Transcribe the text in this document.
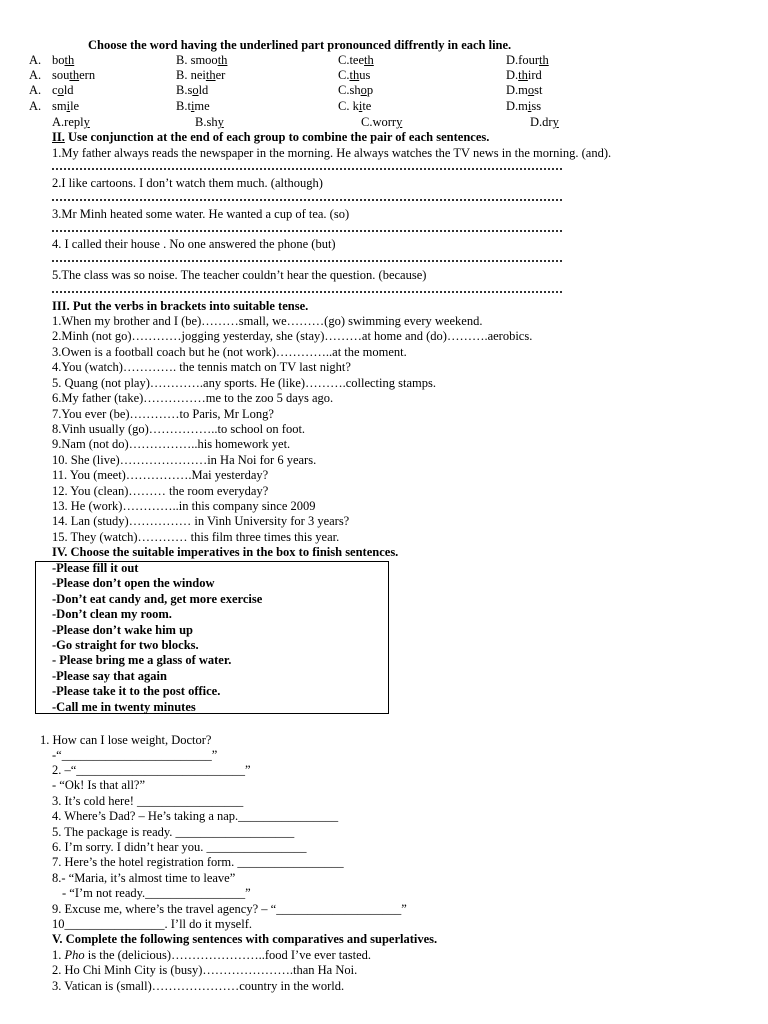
Choose the word having the underlined part pronounced diffrently in each line.
A. both	B. smooth	C.teeth	D.fourth
A. southern	B. neither	C.thus	D.third
A. cold	B.sold	C.shop	D.most
A. smile	B.time	C. kite	D.miss
A.reply	B.shy	C.worry	D.dry
II. Use conjunction at the end of each group to combine the pair of each sentences.
1.My father always reads the newspaper in the morning. He always watches the TV news in the morning. (and).
2.I like cartoons. I don’t watch them much. (although)
3.Mr Minh heated some water. He wanted a cup of tea. (so)
4. I called their house . No one answered the phone (but)
5.The class was so noise. The teacher couldn’t hear the question. (because)
III. Put the verbs in brackets into suitable tense.
1.When my brother and I (be)………small, we………(go) swimming every weekend.
2.Minh (not go)…………jogging yesterday, she (stay)………at home and (do)……….aerobics.
3.Owen is a football coach but he (not work)…………..at the moment.
4.You (watch)…………. the tennis match on TV last night?
5. Quang (not play)………….any sports. He (like)……….collecting stamps.
6.My father (take)……………me to the zoo 5 days ago.
7.You ever (be)…………to Paris, Mr Long?
8.Vinh usually (go)……………..to school on foot.
9.Nam (not do)……………..his homework yet.
10. She (live)…………………in Ha Noi for 6 years.
11. You (meet)…………….Mai yesterday?
12. You (clean)……… the room everyday?
13. He (work)…………..in this company since 2009
14. Lan (study)…………… in Vinh University for 3 years?
15. They (watch)………… this film three times this year.
IV. Choose the suitable imperatives in the box to finish sentences.
-Please fill it out
-Please don’t open the window
-Don’t eat candy and, get more exercise
-Don’t clean my room.
-Please don’t wake him up
-Go straight for two blocks.
- Please bring me a glass of water.
-Please say that again
-Please take it to the post office.
-Call me in twenty minutes
1. How can I lose weight, Doctor?
-“________________________”
2. –“___________________________”
- “Ok! Is that all?”
3. It’s cold here! _________________
4. Where’s Dad? – He’s taking a nap.________________
5. The package is ready. ___________________
6. I’m sorry. I didn’t hear you. ________________
7. Here’s the hotel registration form. _________________
8.- “Maria, it’s almost time to leave”
- “I’m not ready.________________”
9. Excuse me, where’s the travel agency? – “____________________”
10________________. I’ll do it myself.
V. Complete the following sentences with comparatives and superlatives.
1. Pho is the (delicious)…………………..food I’ve ever tasted.
2. Ho Chi Minh City is (busy)………………….than Ha Noi.
3. Vatican is (small)…………………country in the world.
